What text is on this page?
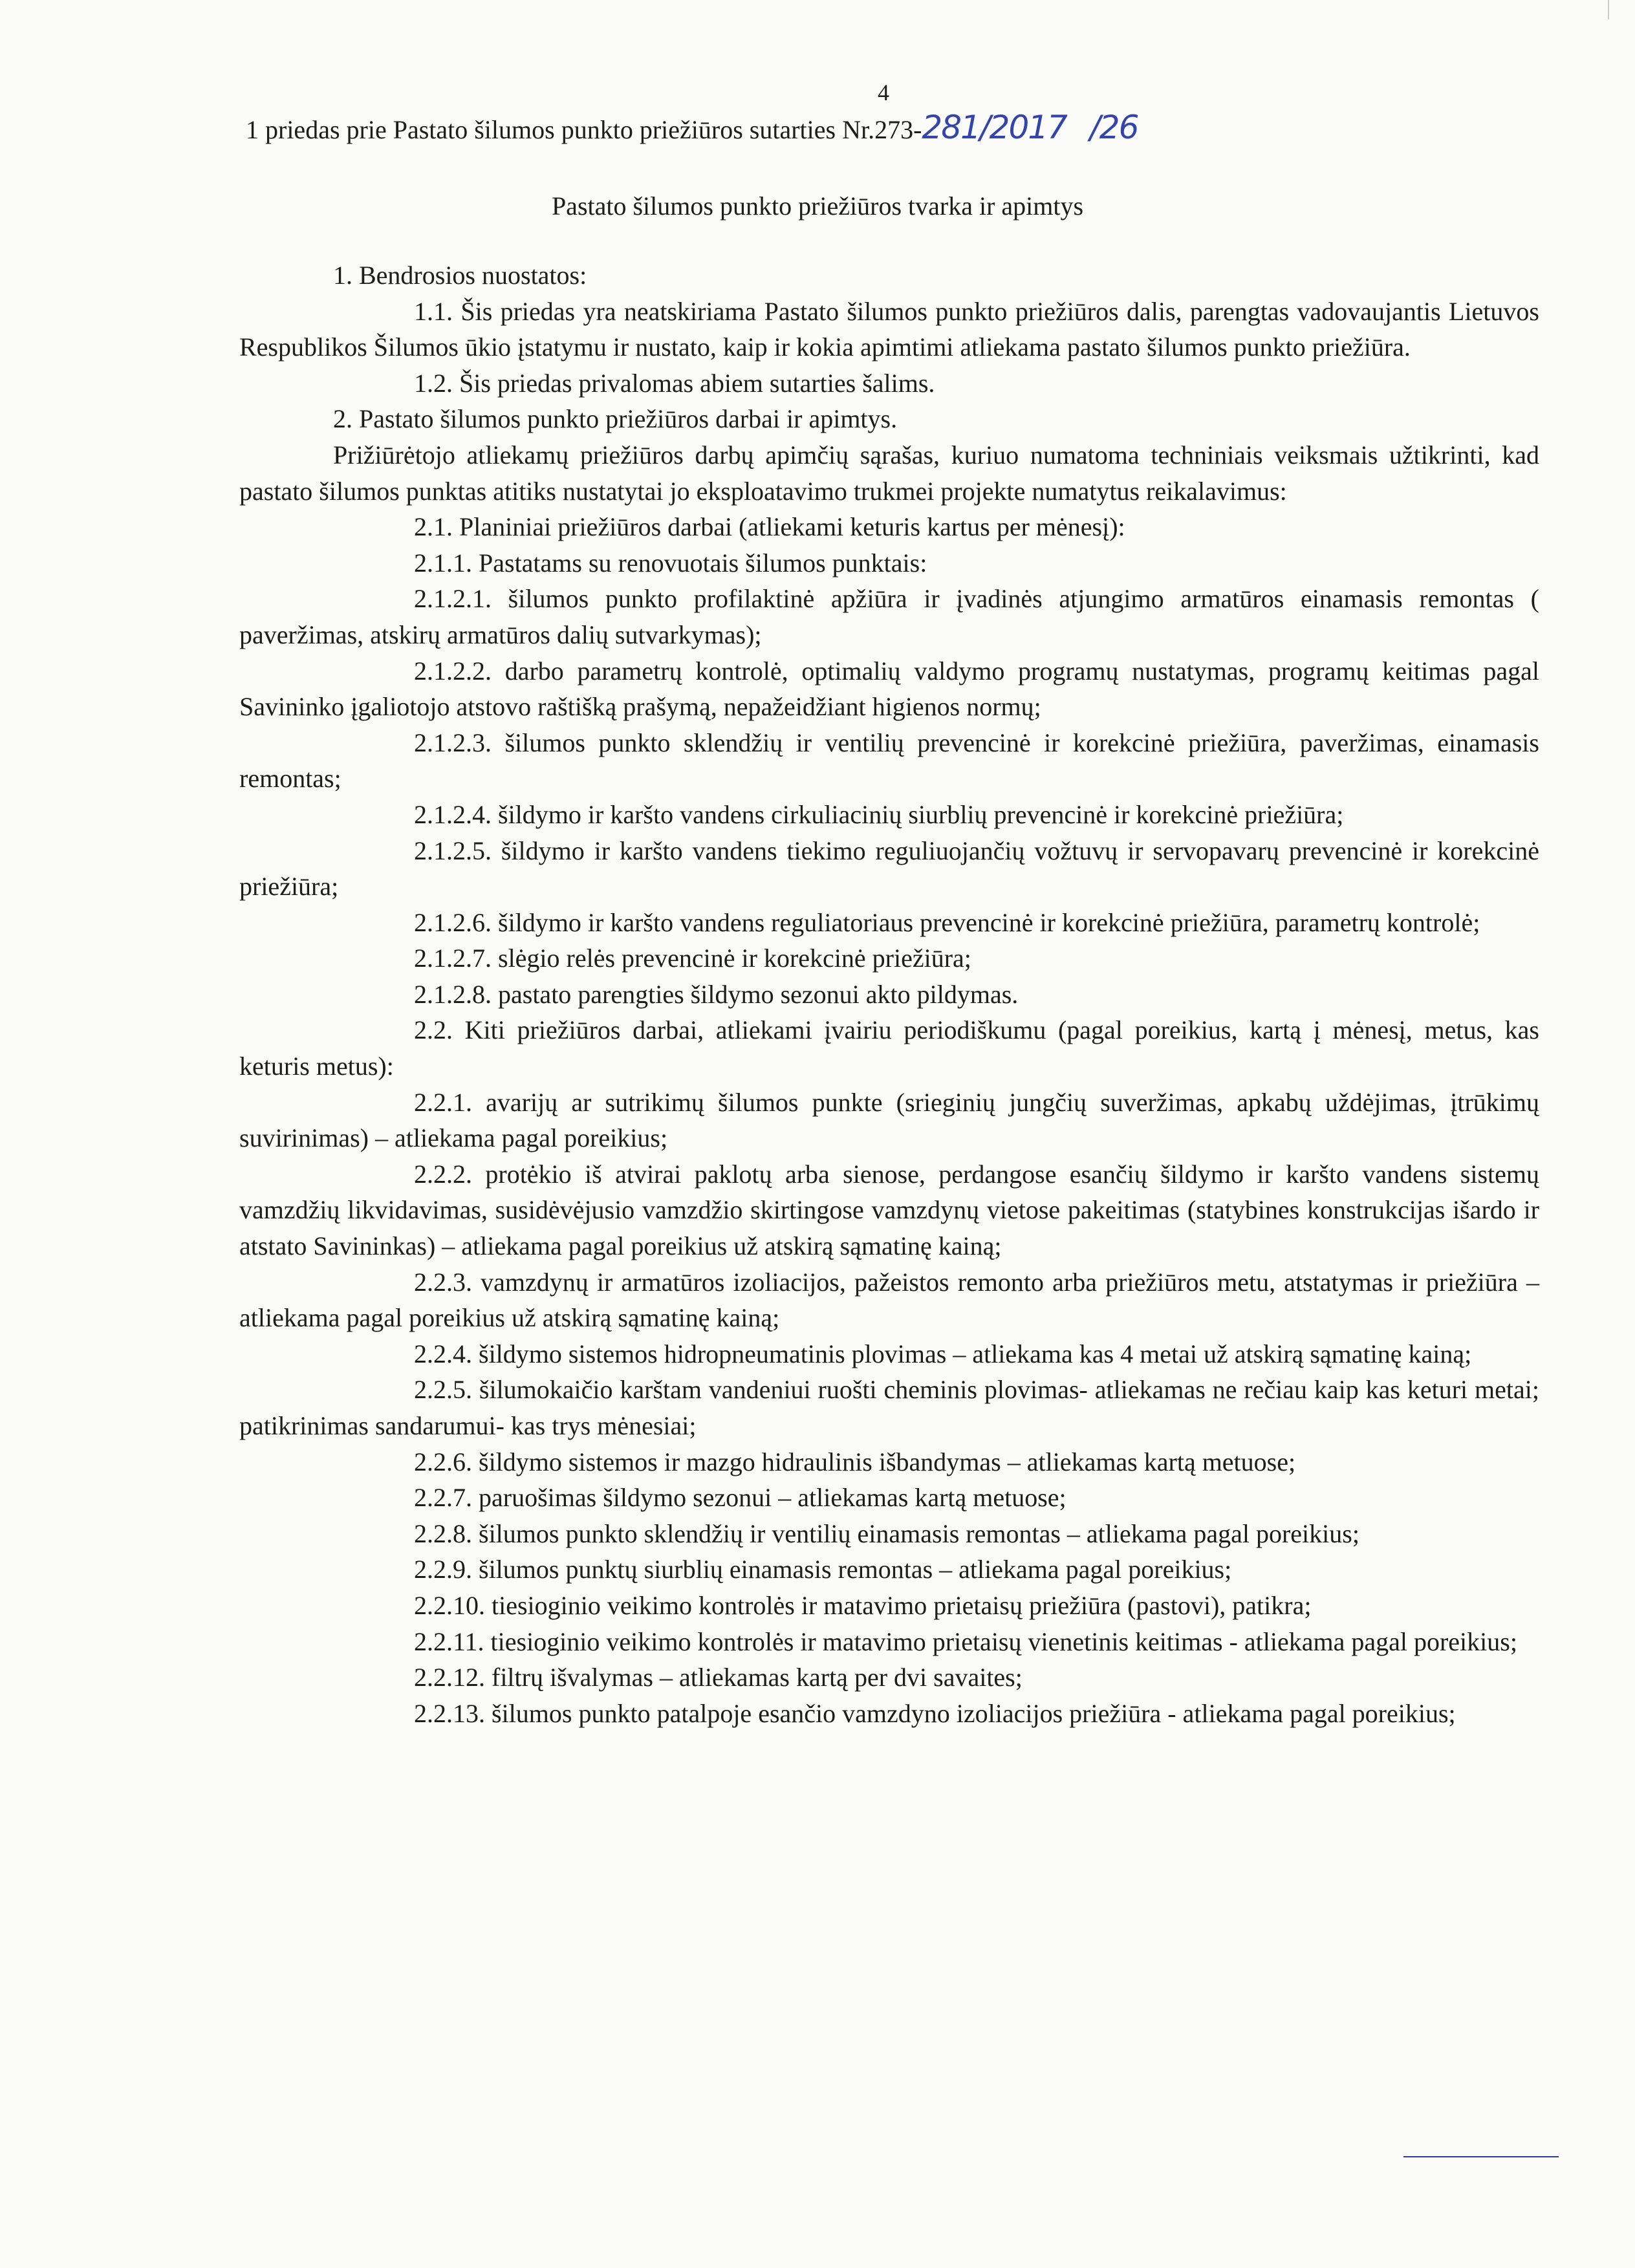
4
1 priedas prie Pastato šilumos punkto priežiūros sutarties Nr.273-281/2017 /26
Pastato šilumos punkto priežiūros tvarka ir apimtys

1. Bendrosios nuostatos:

1.1. Šis priedas yra neatskiriama Pastato šilumos punkto priežiūros dalis, parengtas vadovaujantis Lietuvos Respublikos Šilumos ūkio įstatymu ir nustato, kaip ir kokia apimtimi atliekama pastato šilumos punkto priežiūra.

1.2. Šis priedas privalomas abiem sutarties šalims.

2. Pastato šilumos punkto priežiūros darbai ir apimtys.

Prižiūrėtojo atliekamų priežiūros darbų apimčių sąrašas, kuriuo numatoma techniniais veiksmais užtikrinti, kad pastato šilumos punktas atitiks nustatytai jo eksploatavimo trukmei projekte numatytus reikalavimus:

2.1. Planiniai priežiūros darbai (atliekami keturis kartus per mėnesį):

2.1.1. Pastatams su renovuotais šilumos punktais:

2.1.2.1. šilumos punkto profilaktinė apžiūra ir įvadinės atjungimo armatūros einamasis remontas ( paveržimas, atskirų armatūros dalių sutvarkymas);

2.1.2.2. darbo parametrų kontrolė, optimalių valdymo programų nustatymas, programų keitimas pagal Savininko įgaliotojo atstovo raštišką prašymą, nepažeidžiant higienos normų;

2.1.2.3. šilumos punkto sklendžių ir ventilių prevencinė ir korekcinė priežiūra, paveržimas, einamasis remontas;

2.1.2.4. šildymo ir karšto vandens cirkuliacinių siurblių prevencinė ir korekcinė priežiūra;

2.1.2.5. šildymo ir karšto vandens tiekimo reguliuojančių vožtuvų ir servopavarų prevencinė ir korekcinė priežiūra;

2.1.2.6. šildymo ir karšto vandens reguliatoriaus prevencinė ir korekcinė priežiūra, parametrų kontrolė;

2.1.2.7. slėgio relės prevencinė ir korekcinė priežiūra;

2.1.2.8. pastato parengties šildymo sezonui akto pildymas.

2.2. Kiti priežiūros darbai, atliekami įvairiu periodiškumu (pagal poreikius, kartą į mėnesį, metus, kas keturis metus):

2.2.1. avarijų ar sutrikimų šilumos punkte (srieginių jungčių suveržimas, apkabų uždėjimas, įtrūkimų suvirinimas) – atliekama pagal poreikius;

2.2.2. protėkio iš atvirai paklotų arba sienose, perdangose esančių šildymo ir karšto vandens sistemų vamzdžių likvidavimas, susidėvėjusio vamzdžio skirtingose vamzdynų vietose pakeitimas (statybines konstrukcijas išardo ir atstato Savininkas) – atliekama pagal poreikius už atskirą sąmatinę kainą;

2.2.3. vamzdynų ir armatūros izoliacijos, pažeistos remonto arba priežiūros metu, atstatymas ir priežiūra – atliekama pagal poreikius už atskirą sąmatinę kainą;

2.2.4. šildymo sistemos hidropneumatinis plovimas – atliekama kas 4 metai už atskirą sąmatinę kainą;

2.2.5. šilumokaičio karštam vandeniui ruošti cheminis plovimas- atliekamas ne rečiau kaip kas keturi metai; patikrinimas sandarumui- kas trys mėnesiai;

2.2.6. šildymo sistemos ir mazgo hidraulinis išbandymas – atliekamas kartą metuose;

2.2.7. paruošimas šildymo sezonui – atliekamas kartą metuose;

2.2.8. šilumos punkto sklendžių ir ventilių einamasis remontas – atliekama pagal poreikius;

2.2.9. šilumos punktų siurblių einamasis remontas – atliekama pagal poreikius;

2.2.10. tiesioginio veikimo kontrolės ir matavimo prietaisų priežiūra (pastovi), patikra;

2.2.11. tiesioginio veikimo kontrolės ir matavimo prietaisų vienetinis keitimas - atliekama pagal poreikius;

2.2.12. filtrų išvalymas – atliekamas kartą per dvi savaites;

2.2.13. šilumos punkto patalpoje esančio vamzdyno izoliacijos priežiūra - atliekama pagal poreikius;
